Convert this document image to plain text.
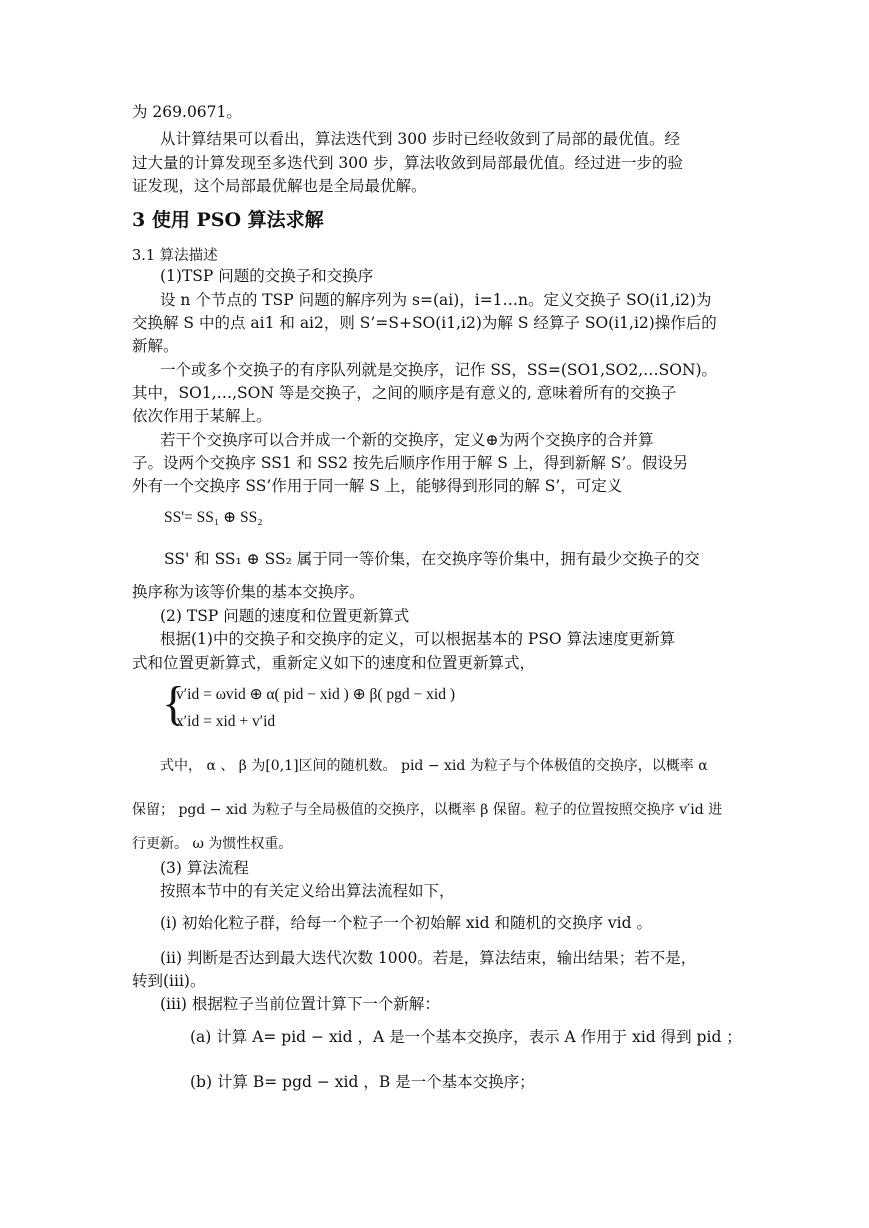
为 269.0671。
从计算结果可以看出，算法迭代到 300 步时已经收敛到了局部的最优值。经
过大量的计算发现至多迭代到 300 步，算法收敛到局部最优值。经过进一步的验
证发现，这个局部最优解也是全局最优解。
3 使用 PSO 算法求解
3.1 算法描述
(1)TSP 问题的交换子和交换序
设 n 个节点的 TSP 问题的解序列为 s=(ai)，i=1…n。定义交换子 SO(i1,i2)为
交换解 S 中的点 ai1 和 ai2，则 S’=S+SO(i1,i2)为解 S 经算子 SO(i1,i2)操作后的
新解。
一个或多个交换子的有序队列就是交换序，记作 SS，SS=(SO1,SO2,…SON)。
其中，SO1,…,SON 等是交换子，之间的顺序是有意义的, 意味着所有的交换子
依次作用于某解上。
若干个交换序可以合并成一个新的交换序，定义⊕为两个交换序的合并算
子。设两个交换序 SS1 和 SS2 按先后顺序作用于解 S 上，得到新解 S’。假设另
外有一个交换序 SS’作用于同一解 S 上，能够得到形同的解 S’，可定义
SS'= SS₁ ⊕ SS₂
SS' 和 SS₁ ⊕ SS₂ 属于同一等价集，在交换序等价集中，拥有最少交换子的交
换序称为该等价集的基本交换序。
(2) TSP 问题的速度和位置更新算式
根据(1)中的交换子和交换序的定义，可以根据基本的 PSO 算法速度更新算
式和位置更新算式，重新定义如下的速度和位置更新算式，
{
v′id = ωvid ⊕ α( pid − xid ) ⊕ β( pgd − xid )
x′id = xid + v′id
式中， α 、 β 为[0,1]区间的随机数。 pid − xid 为粒子与个体极值的交换序，以概率 α
保留； pgd − xid 为粒子与全局极值的交换序，以概率 β 保留。粒子的位置按照交换序 v′id 进
行更新。 ω 为惯性权重。
(3) 算法流程
按照本节中的有关定义给出算法流程如下，
(i) 初始化粒子群，给每一个粒子一个初始解 xid 和随机的交换序 vid 。
(ii) 判断是否达到最大迭代次数 1000。若是，算法结束，输出结果；若不是，
转到(iii)。
(iii) 根据粒子当前位置计算下一个新解：
(a) 计算 A= pid − xid ，A 是一个基本交换序，表示 A 作用于 xid 得到 pid ；
(b) 计算 B= pgd − xid ，B 是一个基本交换序；
